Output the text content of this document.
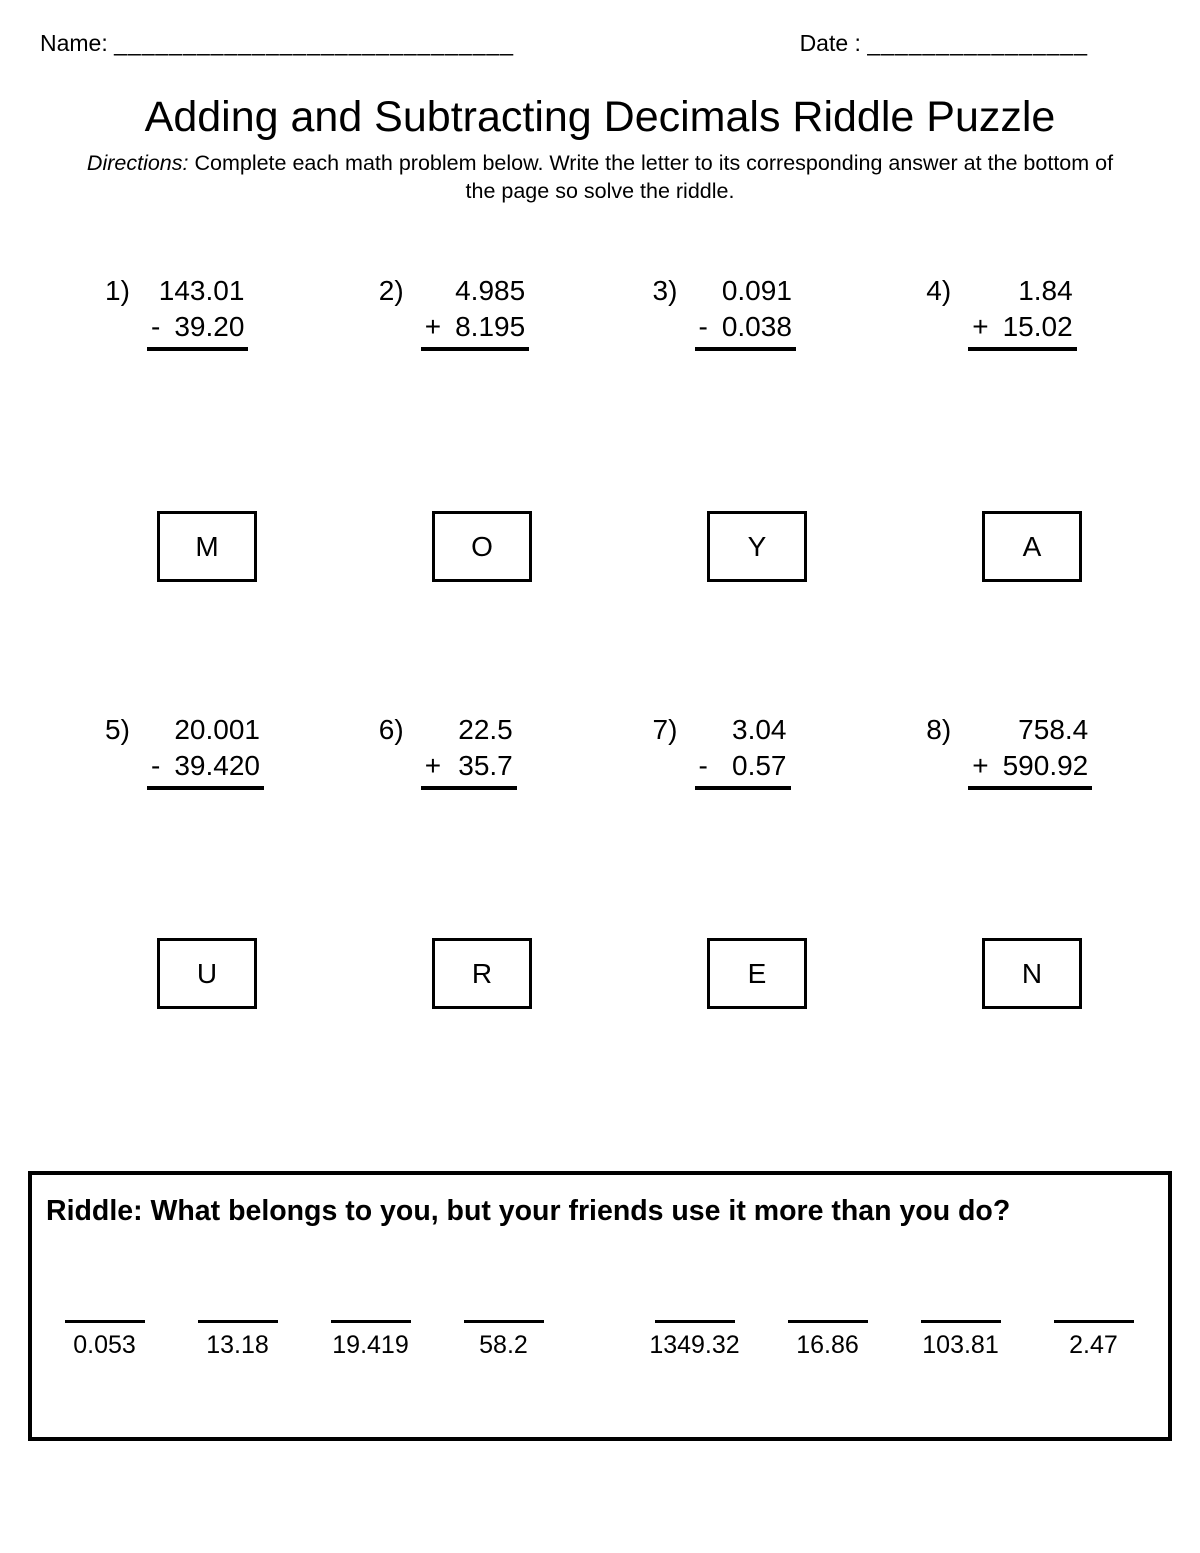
Name: _____________________________	Date : ________________
Adding and Subtracting Decimals Riddle Puzzle
Directions: Complete each math problem below. Write the letter to its corresponding answer at the bottom of the page so solve the riddle.
1)	143.01
- 39.20
2)	4.985
+ 8.195
3)	0.091
- 0.038
4)	1.84
+ 15.02
M	O	Y	A
5)	20.001
- 39.420
6)	22.5
+ 35.7
7)	3.04
- 0.57
8)	758.4
+ 590.92
U	R	E	N
Riddle: What belongs to you, but your friends use it more than you do?
0.053	13.18	19.419	58.2	1349.32	16.86	103.81	2.47
